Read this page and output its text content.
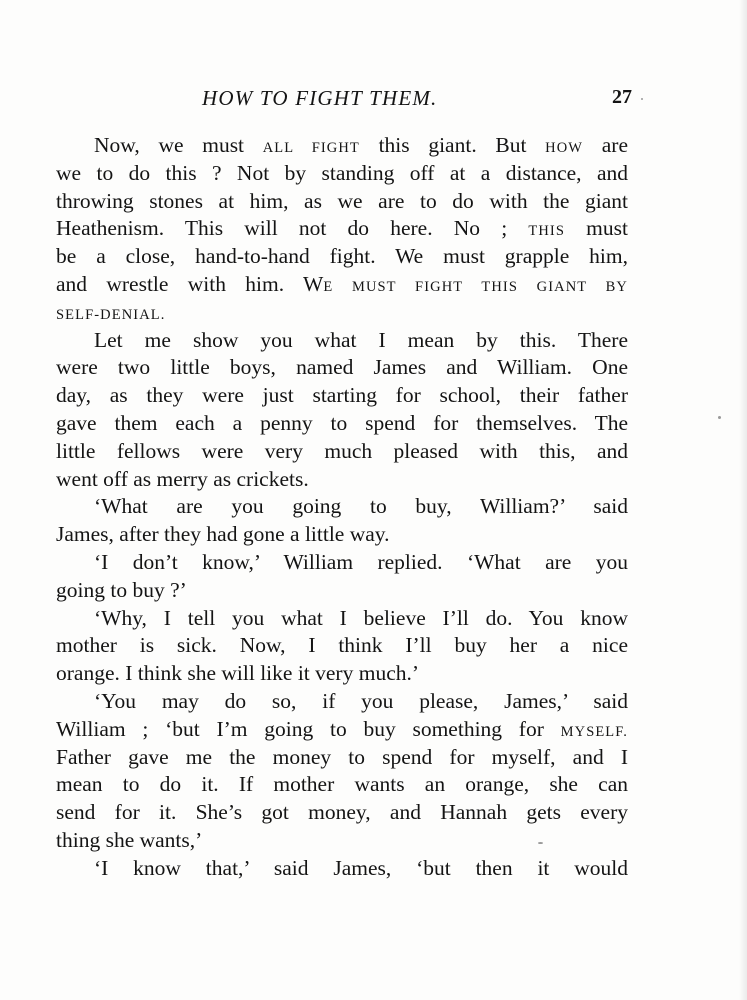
HOW TO FIGHT THEM.	27
Now, we must ALL FIGHT this giant. But HOW are
we to do this ? Not by standing off at a distance, and
throwing stones at him, as we are to do with the giant
Heathenism. This will not do here. No ; THIS must
be a close, hand-to-hand fight. We must grapple him,
and wrestle with him. WE MUST FIGHT THIS GIANT BY
SELF-DENIAL.
Let me show you what I mean by this. There
were two little boys, named James and William. One
day, as they were just starting for school, their father
gave them each a penny to spend for themselves. The
little fellows were very much pleased with this, and
went off as merry as crickets.
‘What are you going to buy, William?’ said
James, after they had gone a little way.
‘I don’t know,’ William replied. ‘What are you
going to buy ?’
‘Why, I tell you what I believe I’ll do. You know
mother is sick. Now, I think I’ll buy her a nice
orange. I think she will like it very much.’
‘You may do so, if you please, James,’ said
William ; ‘but I’m going to buy something for MYSELF.
Father gave me the money to spend for myself, and I
mean to do it. If mother wants an orange, she can
send for it. She’s got money, and Hannah gets every
thing she wants,’
‘I know that,’ said James, ‘but then it would
